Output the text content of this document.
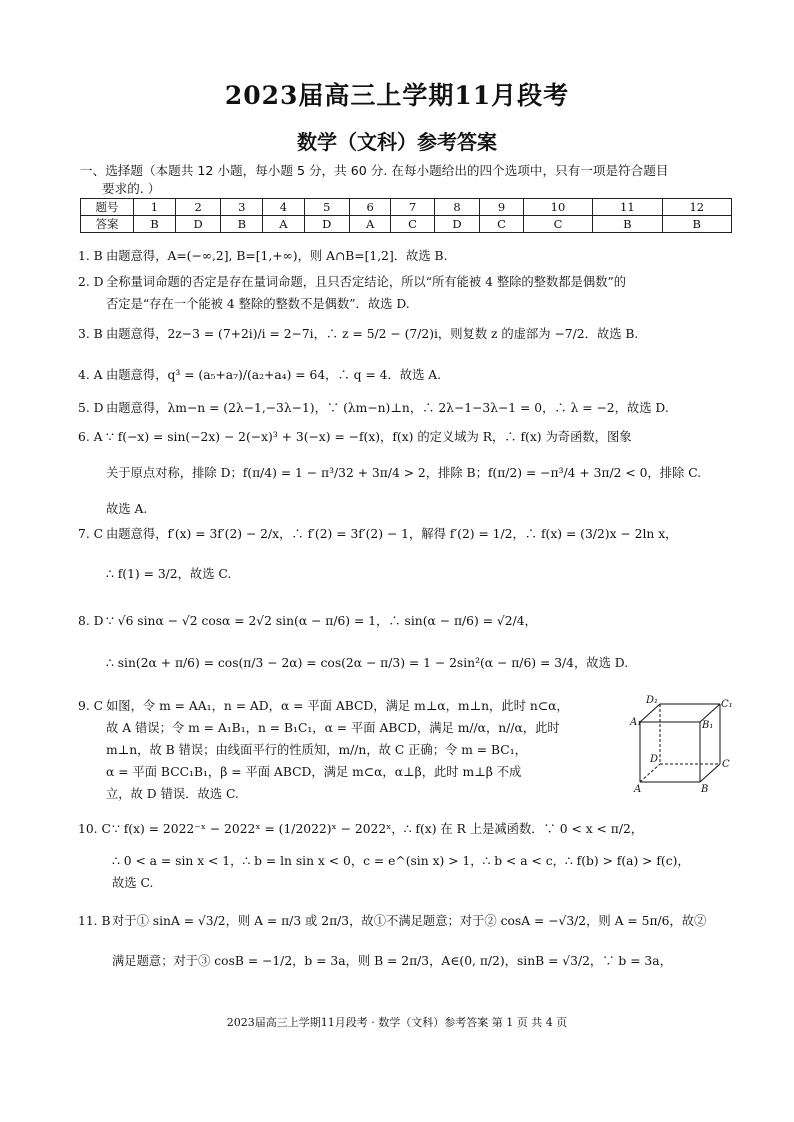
2023届高三上学期11月段考
数学（文科）参考答案
一、选择题（本题共 12 小题，每小题 5 分，共 60 分. 在每小题给出的四个选项中，只有一项是符合题目
要求的. ）
题号	1	2	3	4	5	6	7	8	9	10	11	12
答案	B	D	B	A	D	A	C	D	C	C	B	B
1. B 由题意得，A=(−∞,2], B=[1,+∞)，则 A∩B=[1,2]．故选 B.
2. D 全称量词命题的否定是存在量词命题，且只否定结论，所以“所有能被 4 整除的整数都是偶数”的
否定是“存在一个能被 4 整除的整数不是偶数”．故选 D.
3. B 由题意得，2z−3 = (7+2i)/i = 2−7i，∴ z = 5/2 − (7/2)i，则复数 z 的虚部为 −7/2．故选 B.
4. A 由题意得，q³ = (a₅+a₇)/(a₂+a₄) = 64，∴ q = 4．故选 A.
5. D 由题意得，λm−n = (2λ−1,−3λ−1)，∵ (λm−n)⊥n，∴ 2λ−1−3λ−1 = 0，∴ λ = −2，故选 D.
6. A ∵ f(−x) = sin(−2x) − 2(−x)³ + 3(−x) = −f(x)，f(x) 的定义域为 R，∴ f(x) 为奇函数，图象
关于原点对称，排除 D；f(π/4) = 1 − π³/32 + 3π/4 > 2，排除 B；f(π/2) = −π³/4 + 3π/2 < 0，排除 C.
故选 A.
7. C 由题意得，f′(x) = 3f′(2) − 2/x，∴ f′(2) = 3f′(2) − 1，解得 f′(2) = 1/2，∴ f(x) = (3/2)x − 2ln x，
∴ f(1) = 3/2，故选 C.
8. D ∵ √6 sinα − √2 cosα = 2√2 sin(α − π/6) = 1，∴ sin(α − π/6) = √2/4，
∴ sin(2α + π/6) = cos(π/3 − 2α) = cos(2α − π/3) = 1 − 2sin²(α − π/6) = 3/4，故选 D.
9. C 如图，令 m = AA₁，n = AD，α = 平面 ABCD，满足 m⊥α，m⊥n，此时 n⊂α，
故 A 错误；令 m = A₁B₁，n = B₁C₁，α = 平面 ABCD，满足 m//α，n//α，此时
m⊥n，故 B 错误；由线面平行的性质知，m//n，故 C 正确；令 m = BC₁，
α = 平面 BCC₁B₁，β = 平面 ABCD，满足 m⊂α，α⊥β，此时 m⊥β 不成
立，故 D 错误．故选 C.
D₁	C₁
A₁	B₁
D	C
A	B
10. C ∵ f(x) = 2022⁻ˣ − 2022ˣ = (1/2022)ˣ − 2022ˣ，∴ f(x) 在 R 上是减函数．∵ 0 < x < π/2，
∴ 0 < a = sin x < 1，∴ b = ln sin x < 0，c = e^(sin x) > 1，∴ b < a < c，∴ f(b) > f(a) > f(c)，
故选 C.
11. B 对于① sinA = √3/2，则 A = π/3 或 2π/3，故①不满足题意；对于② cosA = −√3/2，则 A = 5π/6，故②
满足题意；对于③ cosB = −1/2，b = 3a，则 B = 2π/3，A∈(0, π/2)，sinB = √3/2，∵ b = 3a，
2023届高三上学期11月段考 · 数学（文科）参考答案 第 1 页 共 4 页
